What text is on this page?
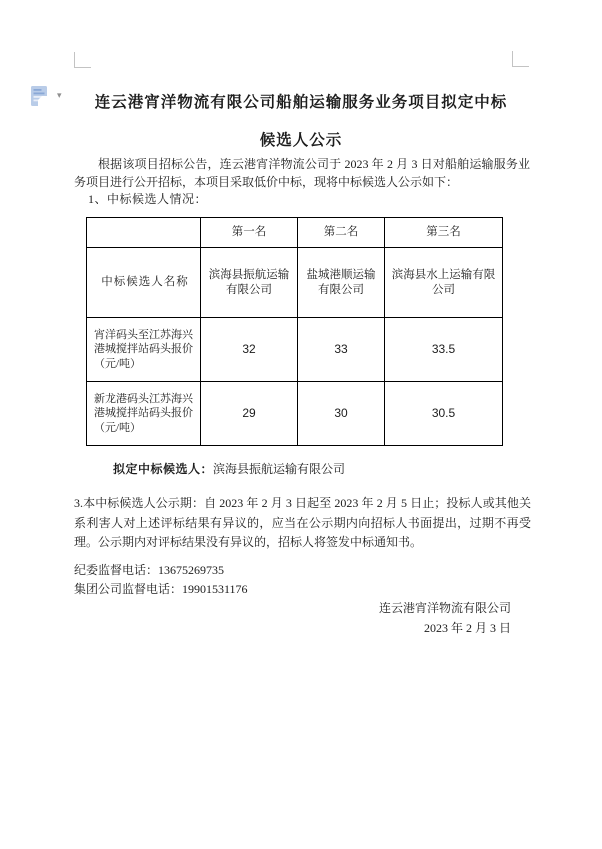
▾	连云港宵洋物流有限公司船舶运输服务业务项目拟定中标
候选人公示

根据该项目招标公告，连云港宵洋物流公司于 2023 年 2 月 3 日对船舶运输服务业务项目进行公开招标，本项目采取低价中标，现将中标候选人公示如下：

1、中标候选人情况：

	第一名	第二名	第三名
中标候选人名称	滨海县振航运输有限公司	盐城港顺运输有限公司	滨海县水上运输有限公司
宵洋码头至江苏海兴港城搅拌站码头报价（元/吨）	32	33	33.5
新龙港码头江苏海兴港城搅拌站码头报价（元/吨）	29	30	30.5

拟定中标候选人：滨海县振航运输有限公司

3.本中标候选人公示期：自 2023 年 2 月 3 日起至 2023 年 2 月 5 日止；投标人或其他关系利害人对上述评标结果有异议的，应当在公示期内向招标人书面提出，过期不再受理。公示期内对评标结果没有异议的，招标人将签发中标通知书。

纪委监督电话：13675269735

集团公司监督电话：19901531176

连云港宵洋物流有限公司

2023 年 2 月 3 日
